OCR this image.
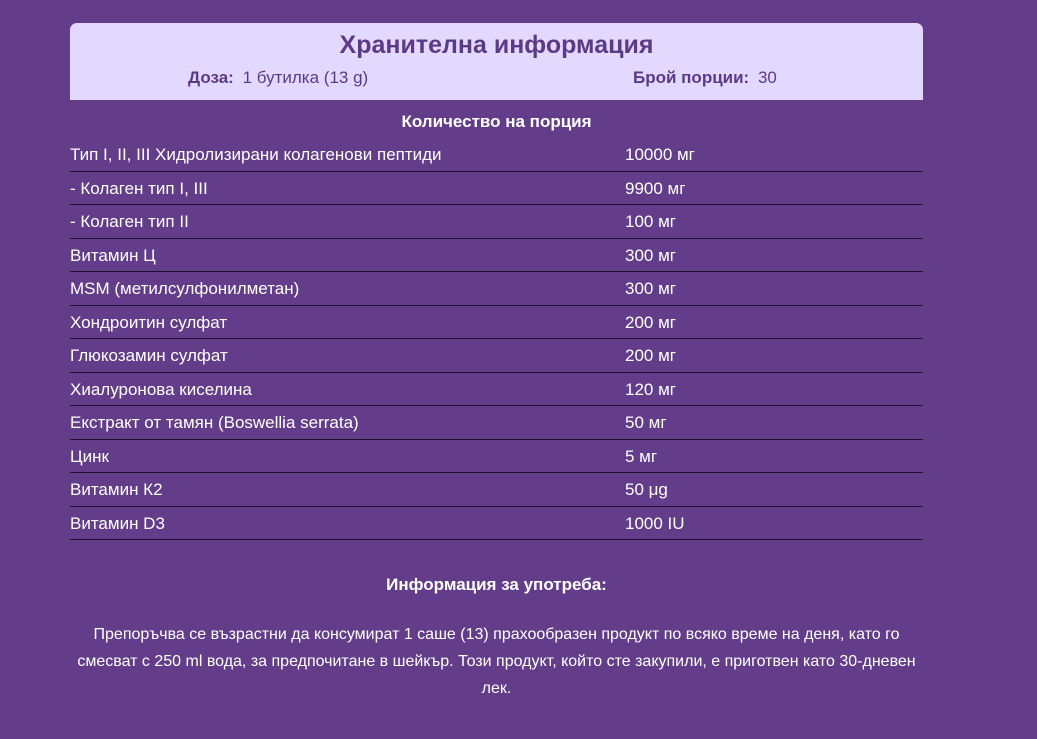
Хранителна информация
Доза: 1 бутилка (13 g)	Брой порции: 30
Количество на порция
Тип I, II, III Хидролизирани колагенови пептиди	10000 мг
- Колаген тип I, III	9900 мг
- Колаген тип II	100 мг
Витамин Ц	300 мг
MSM (метилсулфонилметан)	300 мг
Хондроитин сулфат	200 мг
Глюкозамин сулфат	200 мг
Хиалуронова киселина	120 мг
Екстракт от тамян (Boswellia serrata)	50 мг
Цинк	5 мг
Витамин К2	50 μg
Витамин D3	1000 IU
Информация за употреба:
Препоръчва се възрастни да консумират 1 саше (13) прахообразен продукт по всяко време на деня, като го смесват с 250 ml вода, за предпочитане в шейкър. Този продукт, който сте закупили, е приготвен като 30-дневен лек.
